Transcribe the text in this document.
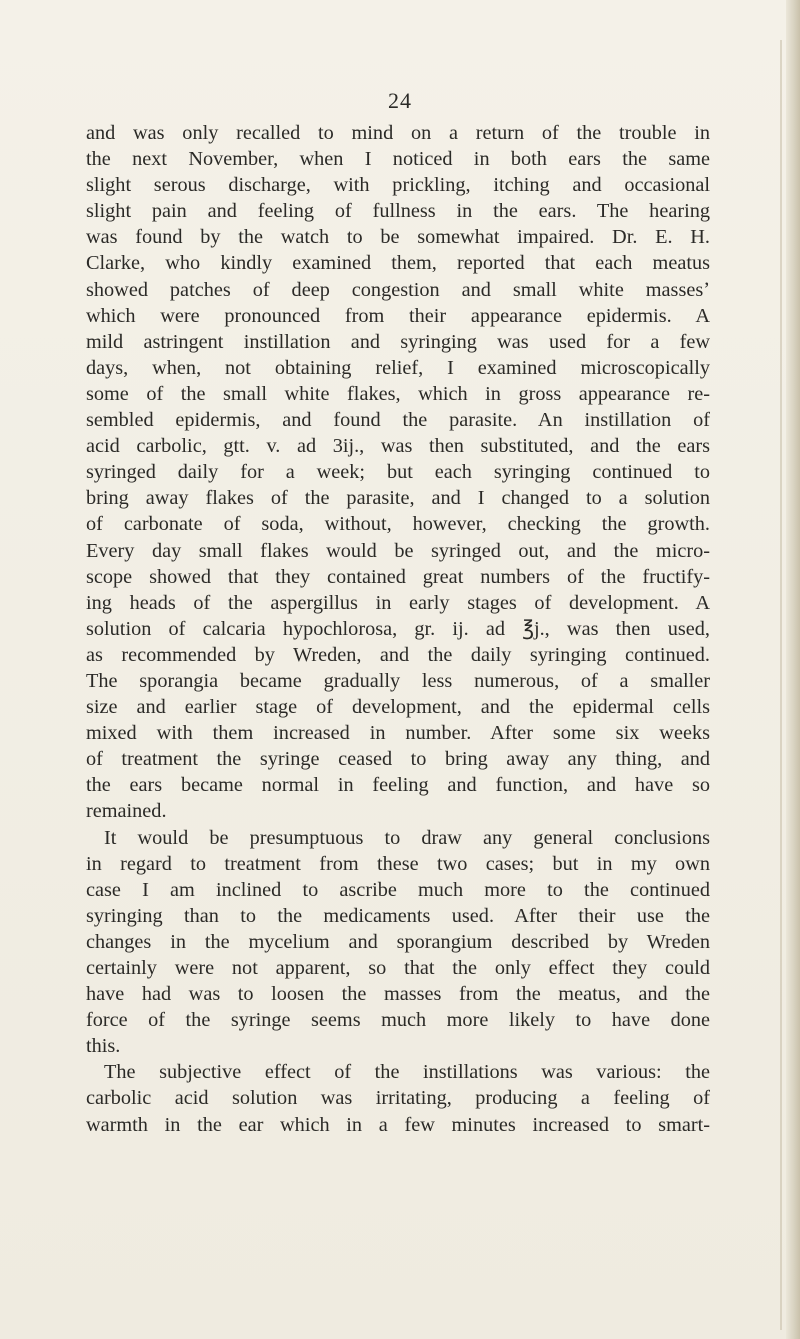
24
and was only recalled to mind on a return of the trouble in
the next November, when I noticed in both ears the same
slight serous discharge, with prickling, itching and occasional
slight pain and feeling of fullness in the ears. The hearing
was found by the watch to be somewhat impaired. Dr. E. H.
Clarke, who kindly examined them, reported that each meatus
showed patches of deep congestion and small white massesʼ
which were pronounced from their appearance epidermis. A
mild astringent instillation and syringing was used for a few
days, when, not obtaining relief, I examined microscopically
some of the small white flakes, which in gross appearance re-
sembled epidermis, and found the parasite. An instillation of
acid carbolic, gtt. v. ad 3ij., was then substituted, and the ears
syringed daily for a week; but each syringing continued to
bring away flakes of the parasite, and I changed to a solution
of carbonate of soda, without, however, checking the growth.
Every day small flakes would be syringed out, and the micro-
scope showed that they contained great numbers of the fructify-
ing heads of the aspergillus in early stages of development. A
solution of calcaria hypochlorosa, gr. ij. ad ℥j., was then used,
as recommended by Wreden, and the daily syringing continued.
The sporangia became gradually less numerous, of a smaller
size and earlier stage of development, and the epidermal cells
mixed with them increased in number. After some six weeks
of treatment the syringe ceased to bring away any thing, and
the ears became normal in feeling and function, and have so
remained.
It would be presumptuous to draw any general conclusions
in regard to treatment from these two cases; but in my own
case I am inclined to ascribe much more to the continued
syringing than to the medicaments used. After their use the
changes in the mycelium and sporangium described by Wreden
certainly were not apparent, so that the only effect they could
have had was to loosen the masses from the meatus, and the
force of the syringe seems much more likely to have done
this.
The subjective effect of the instillations was various: the
carbolic acid solution was irritating, producing a feeling of
warmth in the ear which in a few minutes increased to smart-
